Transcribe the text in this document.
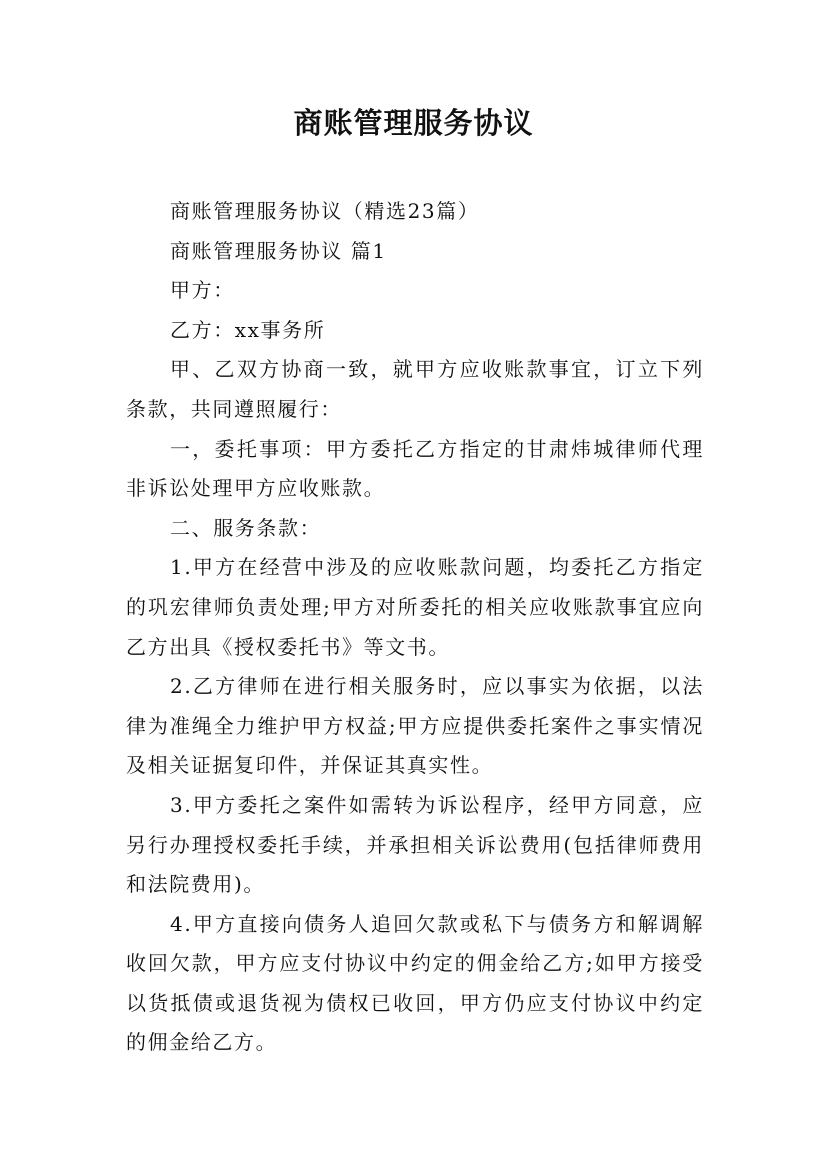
商账管理服务协议

商账管理服务协议（精选23篇）

商账管理服务协议 篇1

甲方：

乙方：xx事务所

甲、乙双方协商一致，就甲方应收账款事宜，订立下列条款，共同遵照履行：

一，委托事项：甲方委托乙方指定的甘肃炜城律师代理非诉讼处理甲方应收账款。

二、服务条款：

1.甲方在经营中涉及的应收账款问题，均委托乙方指定的巩宏律师负责处理;甲方对所委托的相关应收账款事宜应向乙方出具《授权委托书》等文书。

2.乙方律师在进行相关服务时，应以事实为依据，以法律为准绳全力维护甲方权益;甲方应提供委托案件之事实情况及相关证据复印件，并保证其真实性。

3.甲方委托之案件如需转为诉讼程序，经甲方同意，应另行办理授权委托手续，并承担相关诉讼费用(包括律师费用和法院费用)。

4.甲方直接向债务人追回欠款或私下与债务方和解调解收回欠款，甲方应支付协议中约定的佣金给乙方;如甲方接受以货抵债或退货视为债权已收回，甲方仍应支付协议中约定的佣金给乙方。
